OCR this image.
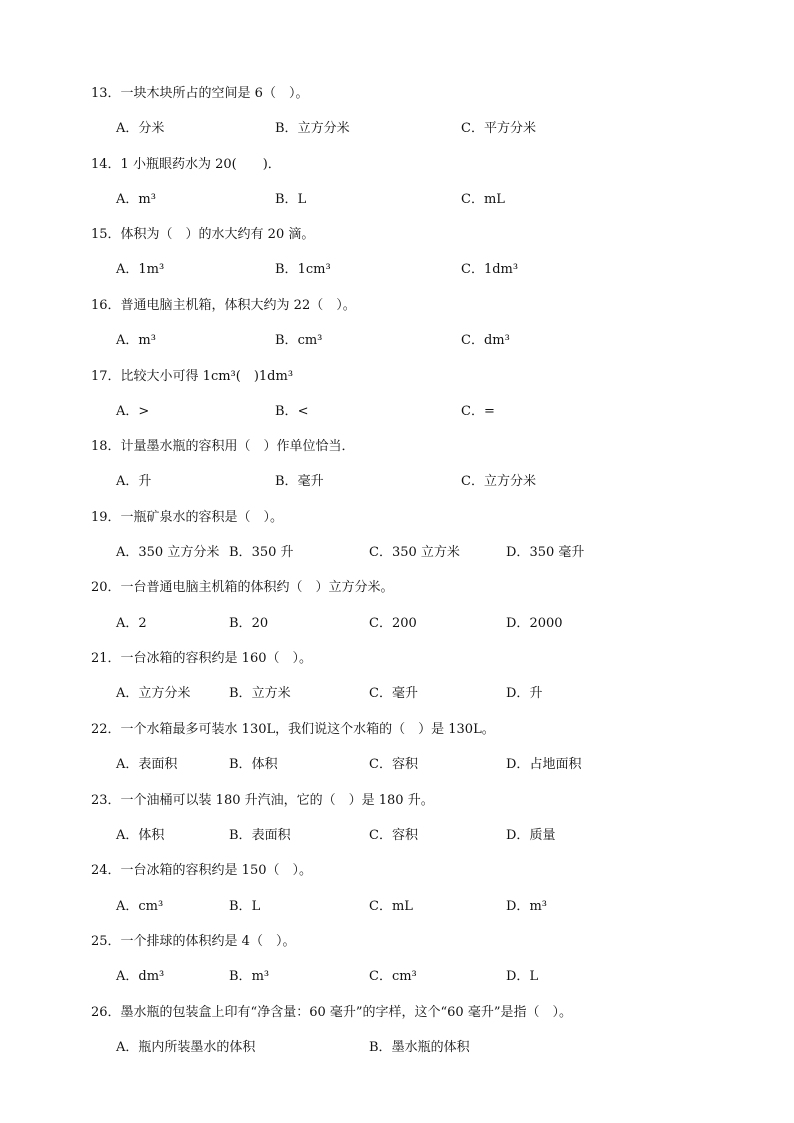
13．一块木块所占的空间是 6（　）。
A．分米	B．立方分米	C．平方分米
14．1 小瓶眼药水为 20(　　)．
A．m³	B．L	C．mL
15．体积为（　）的水大约有 20 滴。
A．1m³	B．1cm³	C．1dm³
16．普通电脑主机箱，体积大约为 22（　）。
A．m³	B．cm³	C．dm³
17．比较大小可得 1cm³(　)1dm³
A．>	B．<	C．=
18．计量墨水瓶的容积用（　）作单位恰当．
A．升	B．毫升	C．立方分米
19．一瓶矿泉水的容积是（　）。
A．350 立方分米 B．350 升	C．350 立方米	D．350 毫升
20．一台普通电脑主机箱的体积约（　）立方分米。
A．2	B．20	C．200	D．2000
21．一台冰箱的容积约是 160（　）。
A．立方分米	B．立方米	C．毫升	D．升
22．一个水箱最多可装水 130L，我们说这个水箱的（　）是 130L。
A．表面积	B．体积	C．容积	D．占地面积
23．一个油桶可以装 180 升汽油，它的（　）是 180 升。
A．体积	B．表面积	C．容积	D．质量
24．一台冰箱的容积约是 150（　）。
A．cm³	B．L	C．mL	D．m³
25．一个排球的体积约是 4（　）。
A．dm³	B．m³	C．cm³	D．L
26．墨水瓶的包装盒上印有“净含量：60 毫升”的字样，这个“60 毫升”是指（　）。
A．瓶内所装墨水的体积	B．墨水瓶的体积
